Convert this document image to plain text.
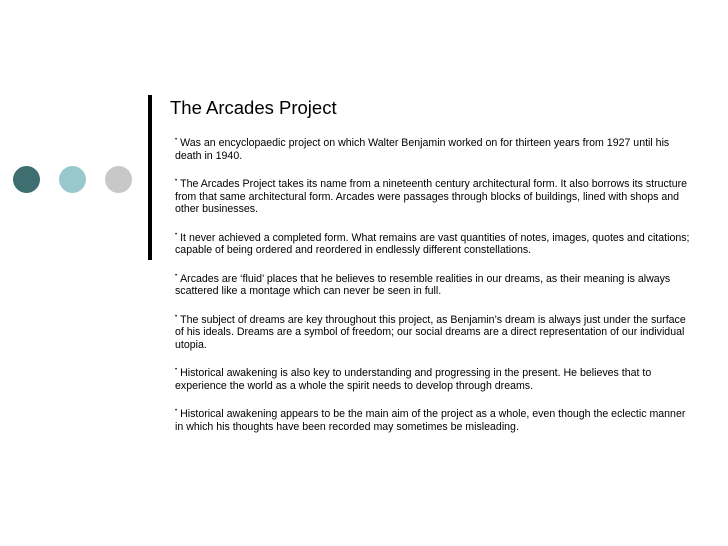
The Arcades Project
• Was an encyclopaedic project on which Walter Benjamin worked on for thirteen years from 1927 until his death in 1940.
• The Arcades Project takes its name from a nineteenth century architectural form. It also borrows its structure from that same architectural form. Arcades were passages through blocks of buildings, lined with shops and other businesses.
• It never achieved a completed form. What remains are vast quantities of notes, images, quotes and citations; capable of being ordered and reordered in endlessly different constellations.
• Arcades are ‘fluid’ places that he believes to resemble realities in our dreams, as their meaning is always scattered like a montage which can never be seen in full.
• The subject of dreams are key throughout this project, as Benjamin’s dream is always just under the surface of his ideals. Dreams are a symbol of freedom; our social dreams are a direct representation of our individual utopia.
• Historical awakening is also key to understanding and progressing in the present. He believes that to experience the world as a whole the spirit needs to develop through dreams.
• Historical awakening appears to be the main aim of the project as a whole, even though the eclectic manner in which his thoughts have been recorded may sometimes be misleading.
